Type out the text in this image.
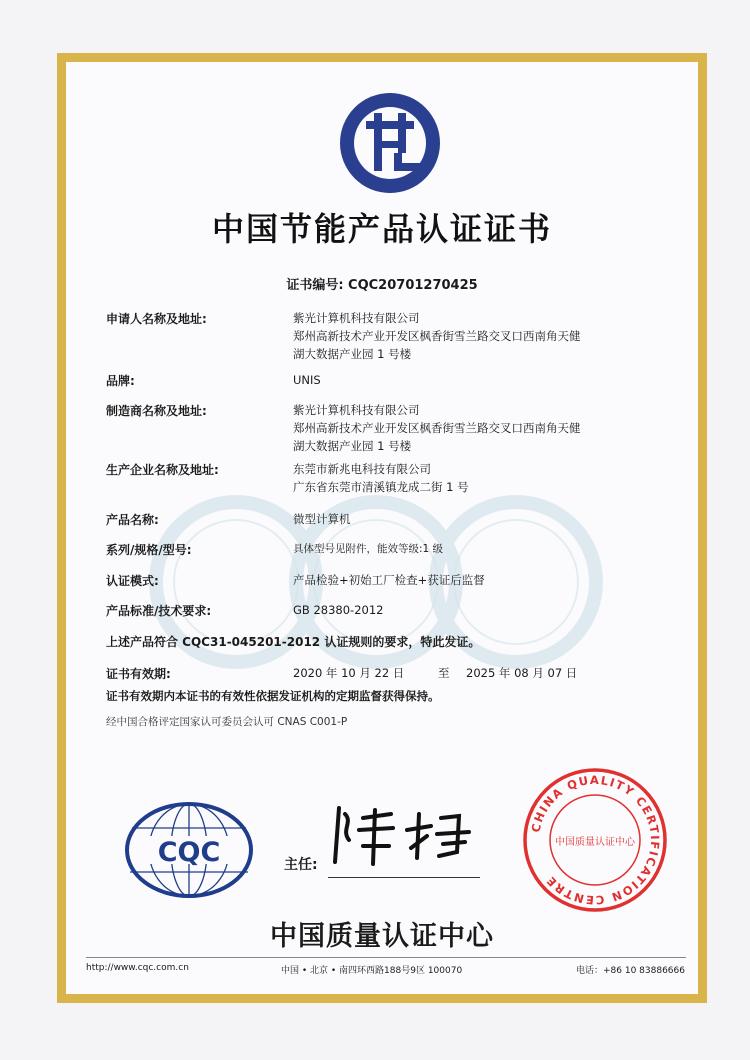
中国节能产品认证证书
证书编号: CQC20701270425
申请人名称及地址:	紫光计算机科技有限公司
郑州高新技术产业开发区枫香街雪兰路交叉口西南角天健
湖大数据产业园 1 号楼
品牌:	UNIS
制造商名称及地址:	紫光计算机科技有限公司
郑州高新技术产业开发区枫香街雪兰路交叉口西南角天健
湖大数据产业园 1 号楼
生产企业名称及地址:	东莞市新兆电科技有限公司
广东省东莞市清溪镇龙成二街 1 号
产品名称:	微型计算机
系列/规格/型号:	具体型号见附件，能效等级:1 级
认证模式:	产品检验+初始工厂检查+获证后监督
产品标准/技术要求:	GB 28380-2012
上述产品符合 CQC31-045201-2012 认证规则的要求，特此发证。
证书有效期:	2020 年 10 月 22 日	至 2025 年 08 月 07 日
证书有效期内本证书的有效性依据发证机构的定期监督获得保持。
经中国合格评定国家认可委员会认可 CNAS C001-P
CQC	主任:
CHINA QUALITY CERTIFICATION CENTRE
中国质量认证中心
中国质量认证中心
http://www.cqc.com.cn	中国 • 北京 • 南四环西路188号9区 100070	电话：+86 10 83886666
